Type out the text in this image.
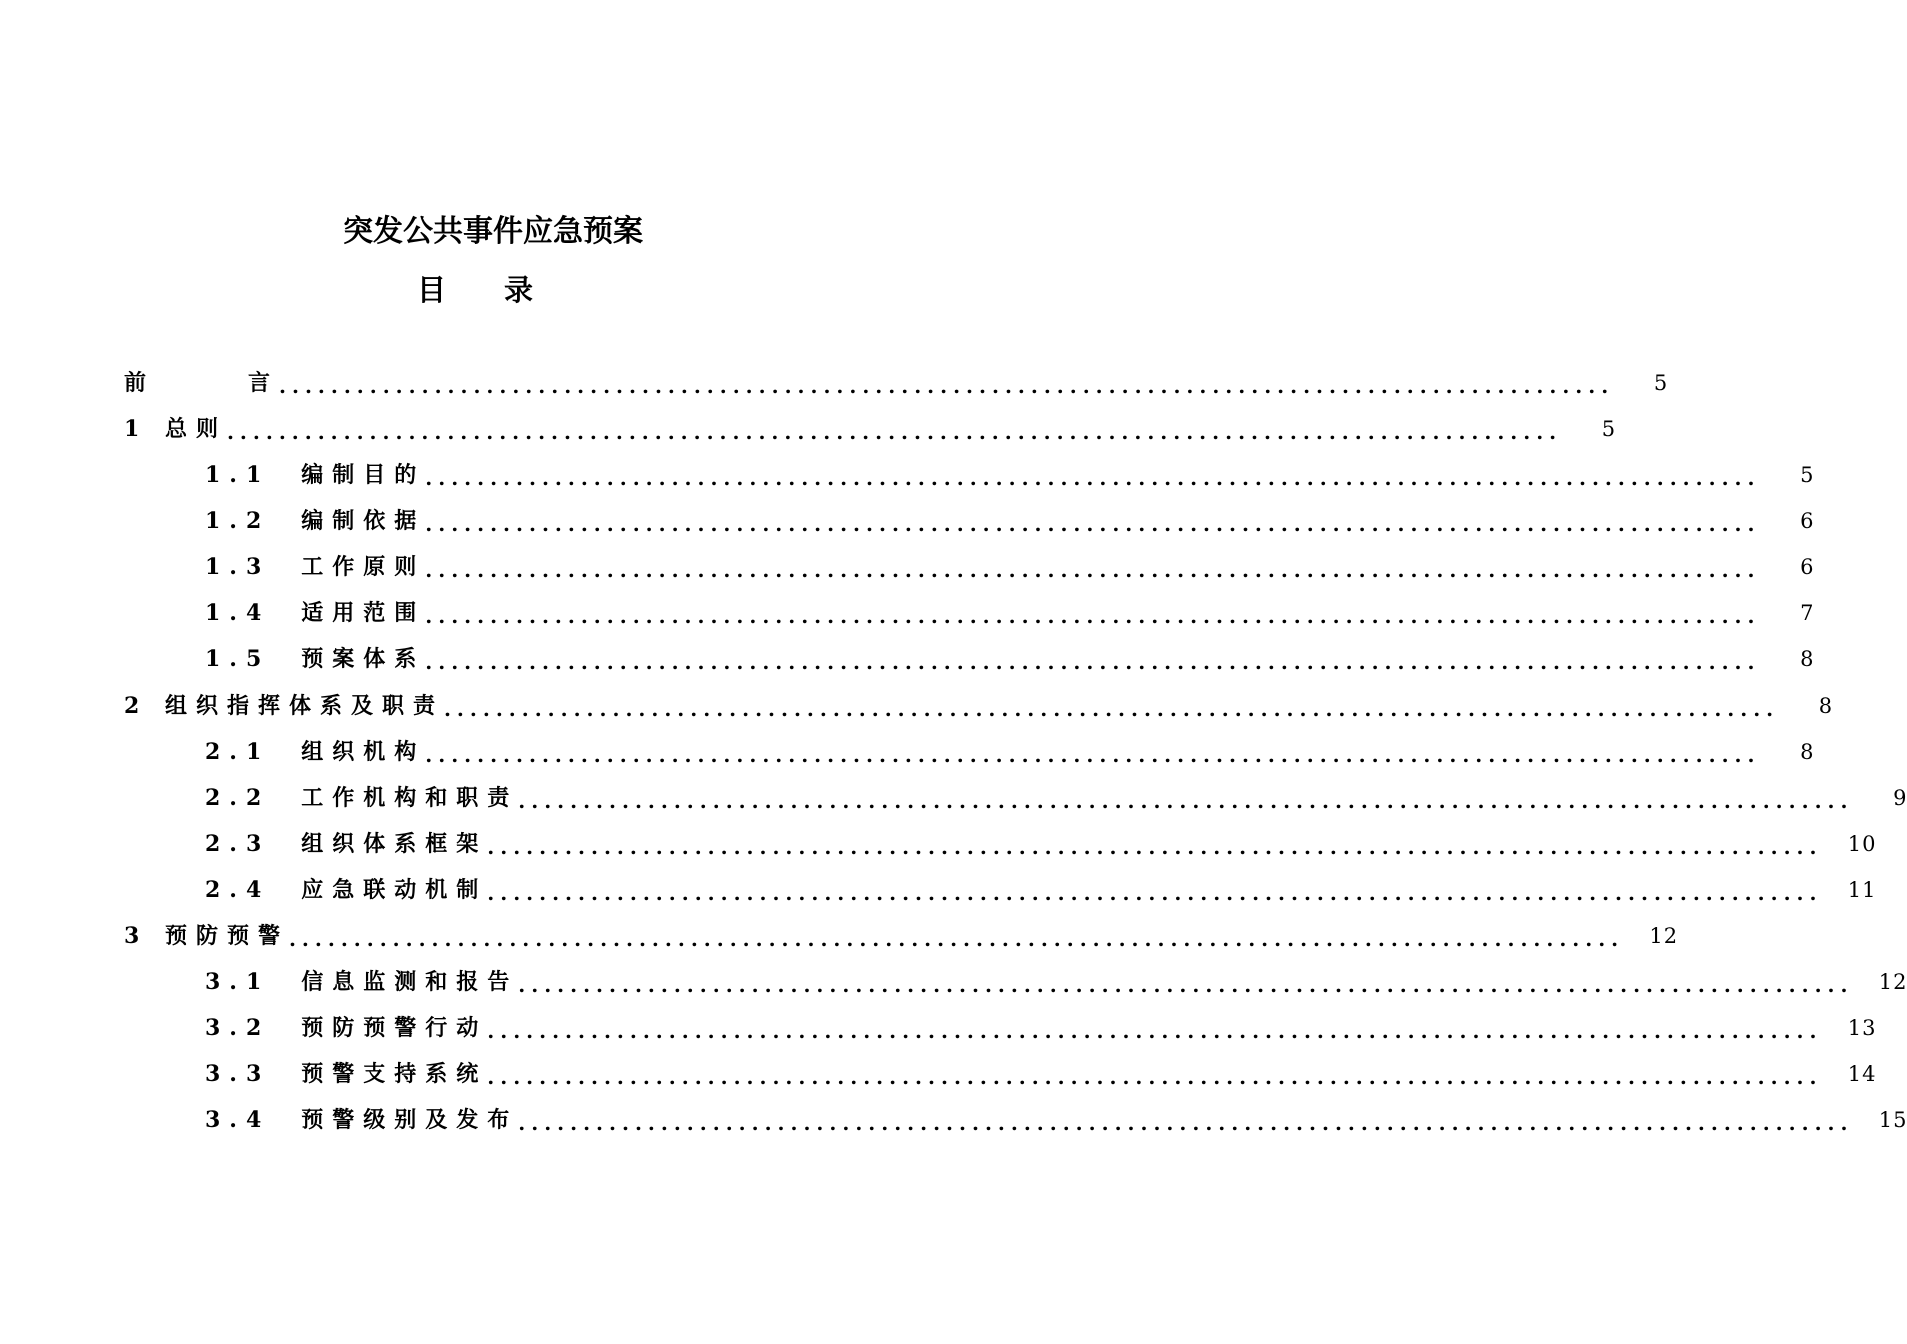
突发公共事件应急预案
目　　录
前　　　言 .......................................................................................................	5
1 总则 .......................................................................................................	5
1.1　编制目的 .......................................................................................................	5
1.2　编制依据 .......................................................................................................	6
1.3　工作原则 .......................................................................................................	6
1.4　适用范围 .......................................................................................................	7
1.5　预案体系 .......................................................................................................	8
2 组织指挥体系及职责 .......................................................................................................	8
2.1　组织机构 .......................................................................................................	8
2.2　工作机构和职责 .......................................................................................................	9
2.3　组织体系框架 .......................................................................................................	10
2.4　应急联动机制 .......................................................................................................	11
3 预防预警 .......................................................................................................	12
3.1　信息监测和报告 .......................................................................................................	12
3.2　预防预警行动 .......................................................................................................	13
3.3　预警支持系统 .......................................................................................................	14
3.4　预警级别及发布 .......................................................................................................	15
